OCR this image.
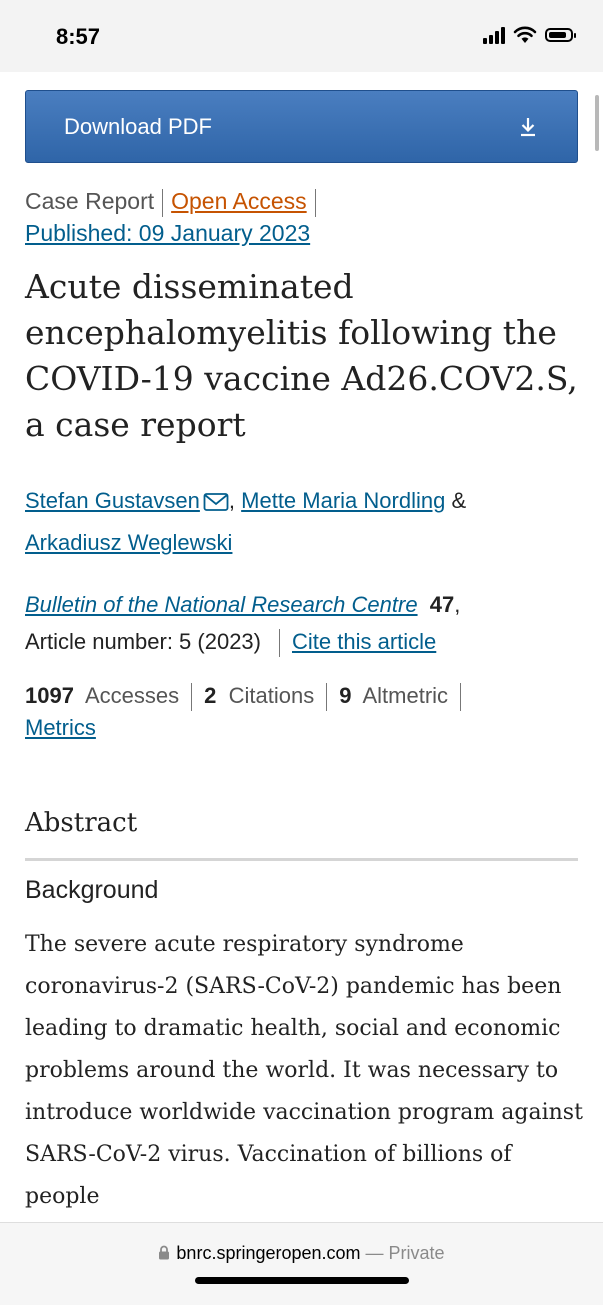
8:57
Download PDF
Case Report Open Access
Published: 09 January 2023
Acute disseminated encephalomyelitis following the COVID-19 vaccine Ad26.COV2.S, a case report
Stefan Gustavsen , Mette Maria Nordling &
Arkadiusz Weglewski
Bulletin of the National Research Centre 47,
Article number: 5 (2023) Cite this article
1097 Accesses 2 Citations 9 Altmetric
Metrics
Abstract
Background

The severe acute respiratory syndrome coronavirus-2 (SARS-CoV-2) pandemic has been leading to dramatic health, social and economic problems around the world. It was necessary to introduce worldwide vaccination program against SARS-CoV-2 virus. Vaccination of billions of people

bnrc.springeropen.com — Private
